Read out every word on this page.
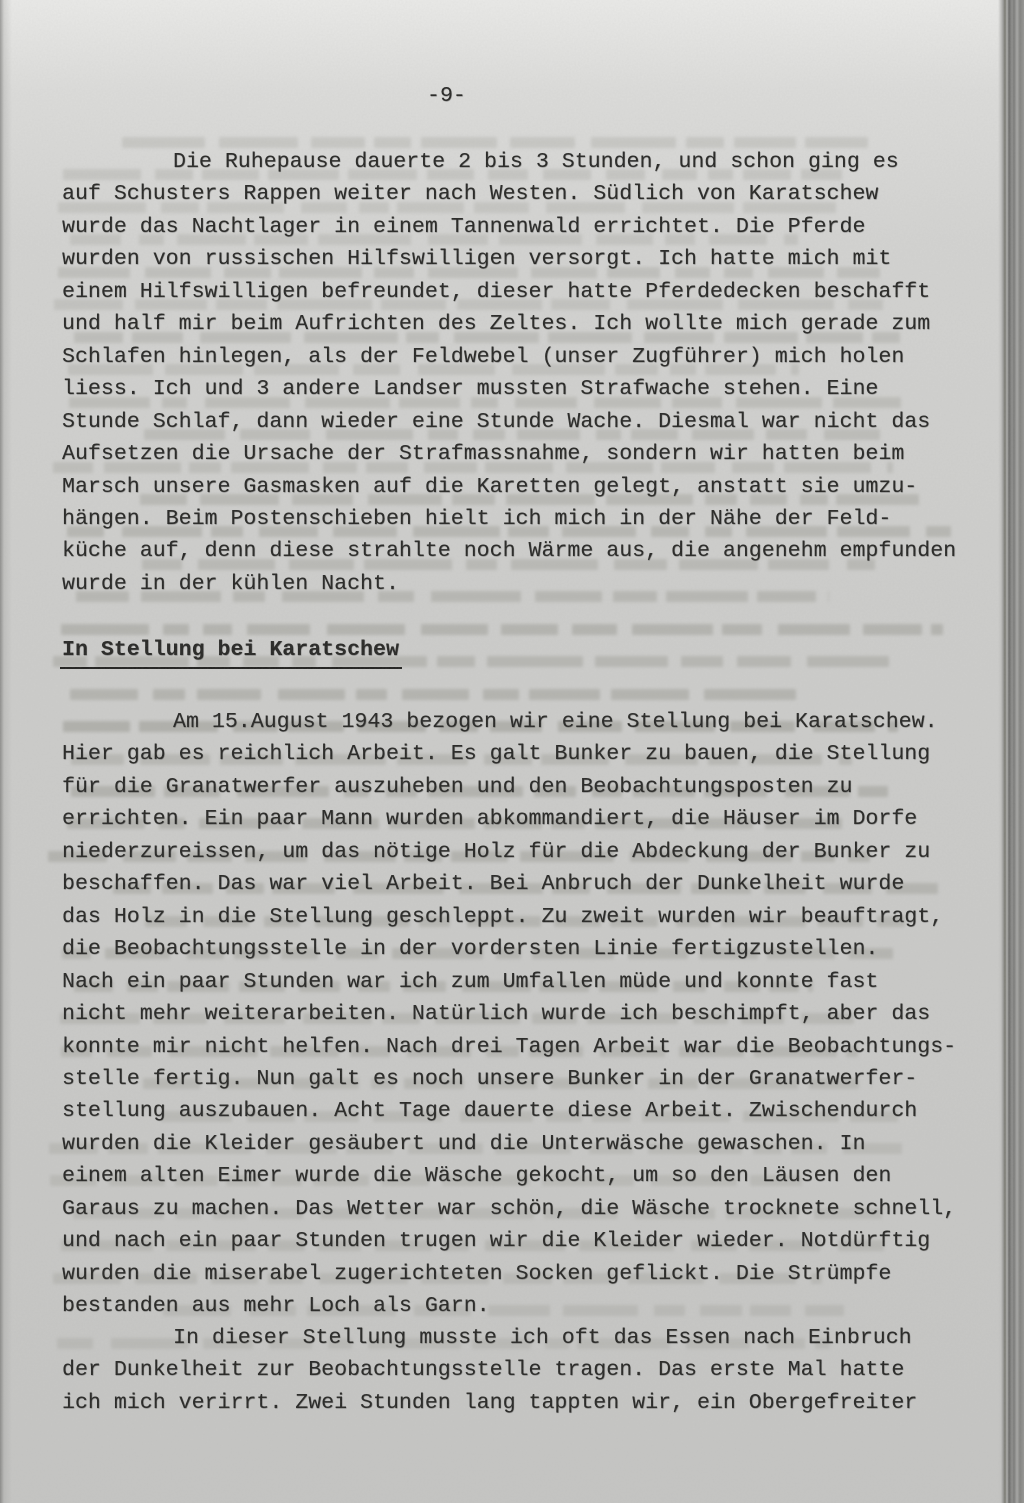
-9-
Die Ruhepause dauerte 2 bis 3 Stunden, und schon ging es
auf Schusters Rappen weiter nach Westen. Südlich von Karatschew
wurde das Nachtlager in einem Tannenwald errichtet. Die Pferde
wurden von russischen Hilfswilligen versorgt. Ich hatte mich mit
einem Hilfswilligen befreundet, dieser hatte Pferdedecken beschafft
und half mir beim Aufrichten des Zeltes. Ich wollte mich gerade zum
Schlafen hinlegen, als der Feldwebel (unser Zugführer) mich holen
liess. Ich und 3 andere Landser mussten Strafwache stehen. Eine
Stunde Schlaf, dann wieder eine Stunde Wache. Diesmal war nicht das
Aufsetzen die Ursache der Strafmassnahme, sondern wir hatten beim
Marsch unsere Gasmasken auf die Karetten gelegt, anstatt sie umzu-
hängen. Beim Postenschieben hielt ich mich in der Nähe der Feld-
küche auf, denn diese strahlte noch Wärme aus, die angenehm empfunden
wurde in der kühlen Nacht.
In Stellung bei Karatschew
Am 15.August 1943 bezogen wir eine Stellung bei Karatschew.
Hier gab es reichlich Arbeit. Es galt Bunker zu bauen, die Stellung
für die Granatwerfer auszuheben und den Beobachtungsposten zu
errichten. Ein paar Mann wurden abkommandiert, die Häuser im Dorfe
niederzureissen, um das nötige Holz für die Abdeckung der Bunker zu
beschaffen. Das war viel Arbeit. Bei Anbruch der Dunkelheit wurde
das Holz in die Stellung geschleppt. Zu zweit wurden wir beauftragt,
die Beobachtungsstelle in der vordersten Linie fertigzustellen.
Nach ein paar Stunden war ich zum Umfallen müde und konnte fast
nicht mehr weiterarbeiten. Natürlich wurde ich beschimpft, aber das
konnte mir nicht helfen. Nach drei Tagen Arbeit war die Beobachtungs-
stelle fertig. Nun galt es noch unsere Bunker in der Granatwerfer-
stellung auszubauen. Acht Tage dauerte diese Arbeit. Zwischendurch
wurden die Kleider gesäubert und die Unterwäsche gewaschen. In
einem alten Eimer wurde die Wäsche gekocht, um so den Läusen den
Garaus zu machen. Das Wetter war schön, die Wäsche trocknete schnell,
und nach ein paar Stunden trugen wir die Kleider wieder. Notdürftig
wurden die miserabel zugerichteten Socken geflickt. Die Strümpfe
bestanden aus mehr Loch als Garn.
In dieser Stellung musste ich oft das Essen nach Einbruch
der Dunkelheit zur Beobachtungsstelle tragen. Das erste Mal hatte
ich mich verirrt. Zwei Stunden lang tappten wir, ein Obergefreiter
